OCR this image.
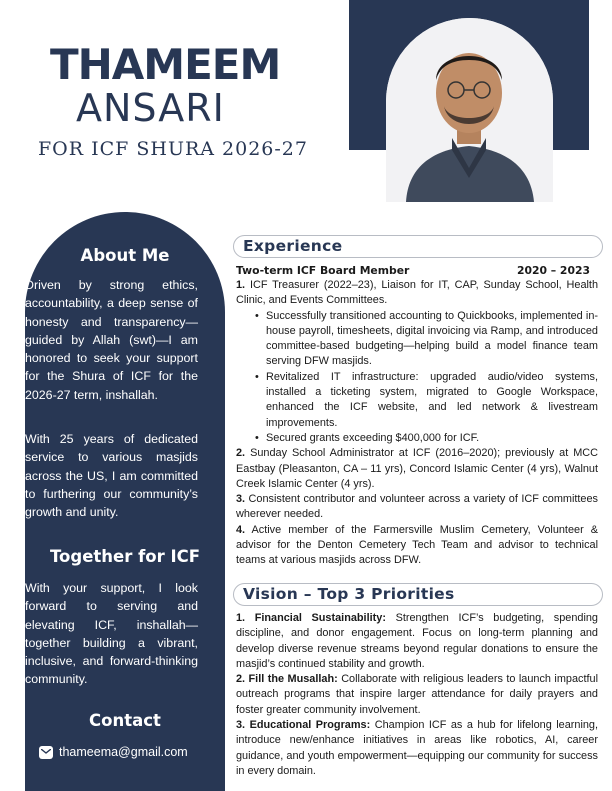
THAMEEM
ANSARI
FOR ICF SHURA 2026-27
About Me
Driven by strong ethics, accountability, a deep sense of honesty and transparency—guided by Allah (swt)—I am honored to seek your support for the Shura of ICF for the 2026-27 term, inshallah.
With 25 years of dedicated service to various masjids across the US, I am committed to furthering our community’s growth and unity.
Together for ICF
With your support, I look forward to serving and elevating ICF, inshallah—together building a vibrant, inclusive, and forward-thinking community.
Contact
thameema@gmail.com
Experience
Two-term ICF Board Member	2020 – 2023
1. ICF Treasurer (2022–23), Liaison for IT, CAP, Sunday School, Health Clinic, and Events Committees.
• Successfully transitioned accounting to Quickbooks, implemented in-house payroll, timesheets, digital invoicing via Ramp, and introduced committee-based budgeting—helping build a model finance team serving DFW masjids.
• Revitalized IT infrastructure: upgraded audio/video systems, installed a ticketing system, migrated to Google Workspace, enhanced the ICF website, and led network & livestream improvements.
• Secured grants exceeding $400,000 for ICF.
2. Sunday School Administrator at ICF (2016–2020); previously at MCC Eastbay (Pleasanton, CA – 11 yrs), Concord Islamic Center (4 yrs), Walnut Creek Islamic Center (4 yrs).
3. Consistent contributor and volunteer across a variety of ICF committees wherever needed.
4. Active member of the Farmersville Muslim Cemetery, Volunteer & advisor for the Denton Cemetery Tech Team and advisor to technical teams at various masjids across DFW.
Vision – Top 3 Priorities
1. Financial Sustainability: Strengthen ICF’s budgeting, spending discipline, and donor engagement. Focus on long-term planning and develop diverse revenue streams beyond regular donations to ensure the masjid’s continued stability and growth.
2. Fill the Musallah: Collaborate with religious leaders to launch impactful outreach programs that inspire larger attendance for daily prayers and foster greater community involvement.
3. Educational Programs: Champion ICF as a hub for lifelong learning, introduce new/enhance initiatives in areas like robotics, AI, career guidance, and youth empowerment—equipping our community for success in every domain.
